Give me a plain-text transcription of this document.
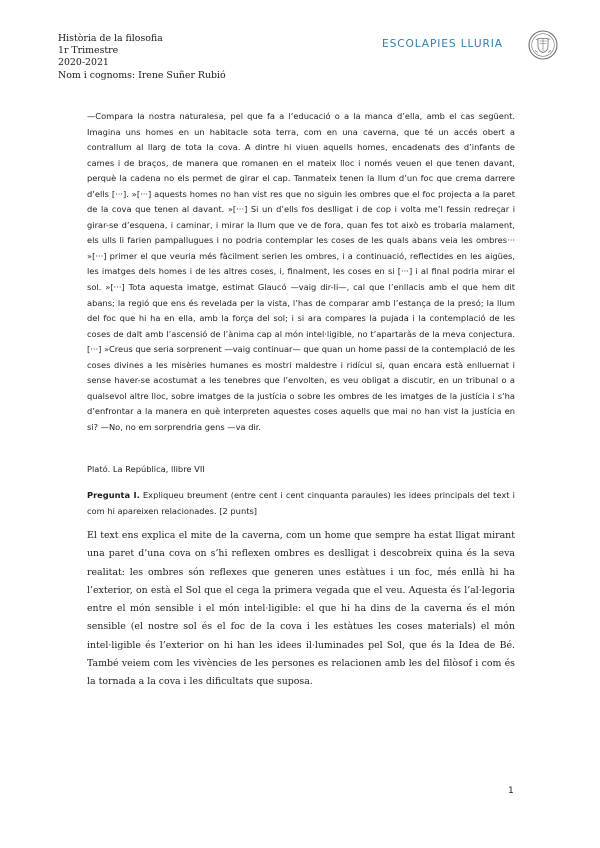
Història de la filosofia
1r Trimestre
2020-2021
Nom i cognoms: Irene Suñer Rubió
ESCOLAPIES LLURIA

—Compara la nostra naturalesa, pel que fa a l’educació o a la manca d’ella, amb el cas següent. Imagina uns homes en un habitacle sota terra, com en una caverna, que té un accés obert a contrallum al llarg de tota la cova. A dintre hi viuen aquells homes, encadenats des d’infants de cames i de braços, de manera que romanen en el mateix lloc i només veuen el que tenen davant, perquè la cadena no els permet de girar el cap. Tanmateix tenen la llum d’un foc que crema darrere d’ells [···]. »[···] aquests homes no han vist res que no siguin les ombres que el foc projecta a la paret de la cova que tenen al davant. »[···] Si un d’ells fos deslligat i de cop i volta me’l fessin redreçar i girar-se d’esquena, i caminar, i mirar la llum que ve de fora, quan fes tot això es trobaria malament, els ulls li farien pampallugues i no podria contemplar les coses de les quals abans veia les ombres··· »[···] primer el que veuria més fàcilment serien les ombres, i a continuació, reflectides en les aigües, les imatges dels homes i de les altres coses, i, finalment, les coses en si [···] i al final podria mirar el sol. »[···] Tota aquesta imatge, estimat Glaucó —vaig dir-li—, cal que l’enllacis amb el que hem dit abans; la regió que ens és revelada per la vista, l’has de comparar amb l’estança de la presó; la llum del foc que hi ha en ella, amb la força del sol; i si ara compares la pujada i la contemplació de les coses de dalt amb l’ascensió de l’ànima cap al món intel·ligible, no t’apartaràs de la meva conjectura. [···] »Creus que seria sorprenent —vaig continuar— que quan un home passi de la contemplació de les coses divines a les misèries humanes es mostri maldestre i ridícul si, quan encara està enlluernat i sense haver-se acostumat a les tenebres que l’envolten, es veu obligat a discutir, en un tribunal o a qualsevol altre lloc, sobre imatges de la justícia o sobre les ombres de les imatges de la justícia i s’ha d’enfrontar a la manera en què interpreten aquestes coses aquells que mai no han vist la justícia en si? —No, no em sorprendria gens —va dir.

Plató. La República, llibre VII

Pregunta I. Expliqueu breument (entre cent i cent cinquanta paraules) les idees principals del text i com hi apareixen relacionades. [2 punts]

El text ens explica el mite de la caverna, com un home que sempre ha estat lligat mirant una paret d’una cova on s’hi reflexen ombres es deslligat i descobreix quina és la seva realitat: les ombres són reflexes que generen unes estàtues i un foc, més enllà hi ha l’exterior, on està el Sol que el cega la primera vegada que el veu. Aquesta és l’al·legoria entre el món sensible i el món intel·ligible: el que hi ha dins de la caverna és el món sensible (el nostre sol és el foc de la cova i les estàtues les coses materials) el món intel·ligible és l’exterior on hi han les idees il·luminades pel Sol, que és la Idea de Bé. També veiem com les vivències de les persones es relacionen amb les del filòsof i com és la tornada a la cova i les dificultats que suposa.

1
